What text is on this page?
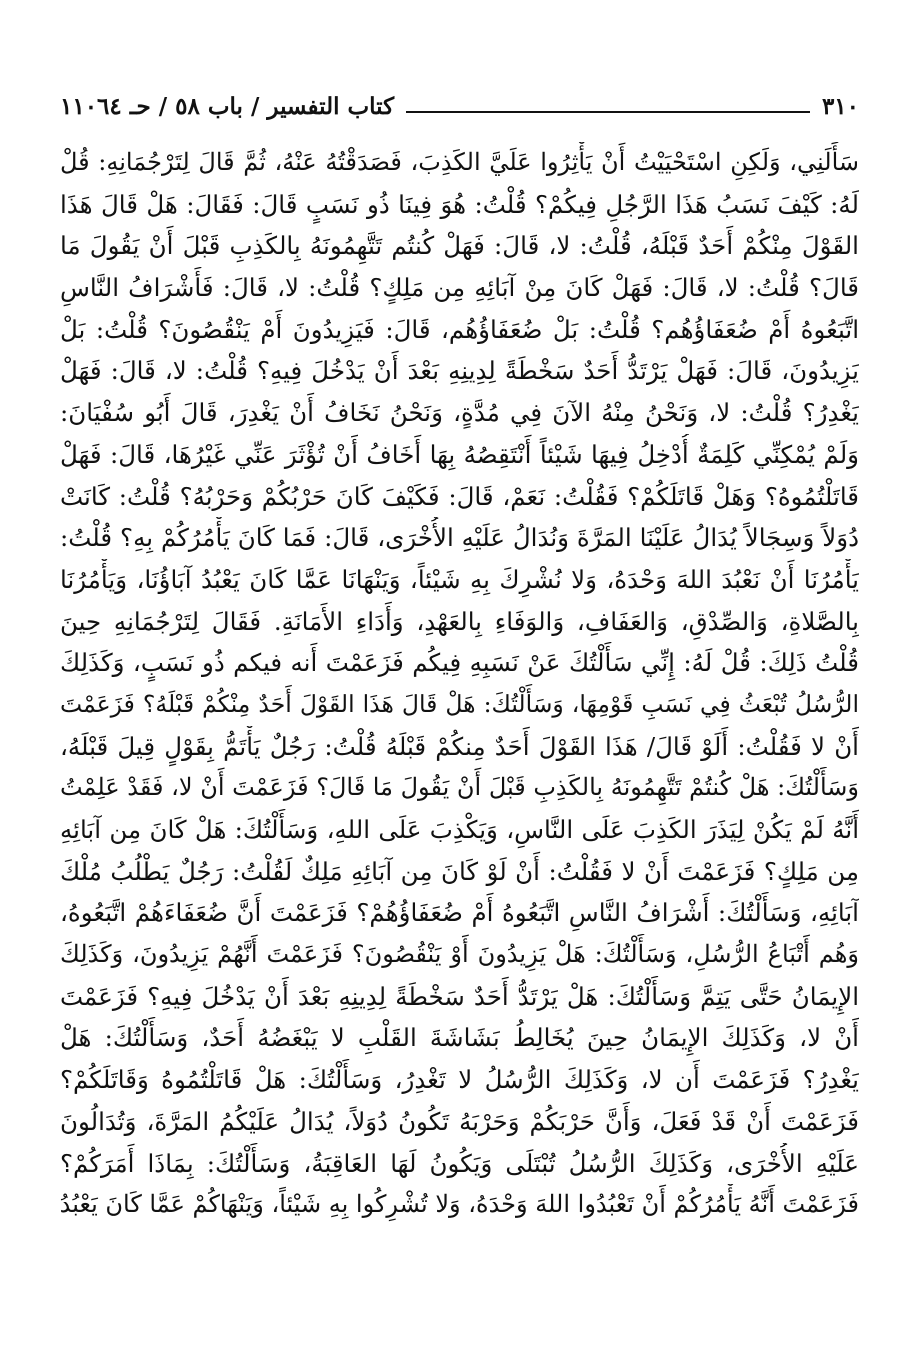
٣١٠
كتاب التفسير / باب ٥٨ / حـ ١١٠٦٤
سَأَلَنِي، وَلَكِنِ اسْتَحْيَيْتُ أَنْ يَأْثِرُوا عَلَيَّ الكَذِبَ، فَصَدَقْتُهُ عَنْهُ، ثُمَّ قَالَ لِتَرْجُمَانِهِ: قُلْ
لَهُ: كَيْفَ نَسَبُ هَذَا الرَّجُلِ فِيكُمْ؟ قُلْتُ: هُوَ فِينَا ذُو نَسَبٍ قَالَ: فَقَالَ: هَلْ قَالَ هَذَا
القَوْلَ مِنْكُمْ أَحَدٌ قَبْلَهُ، قُلْتُ: لا، قَالَ: فَهَلْ كُنتُم تَتَّهِمُونَهُ بِالكَذِبِ قَبْلَ أَنْ يَقُولَ مَا
قَالَ؟ قُلْتُ: لا، قَالَ: فَهَلْ كَانَ مِنْ آبَائِهِ مِن مَلِكٍ؟ قُلْتُ: لا، قَالَ: فَأَشْرَافُ النَّاسِ
اتَّبَعُوهُ أَمْ ضُعَفَاؤُهُم؟ قُلْتُ: بَلْ ضُعَفَاؤُهُم، قَالَ: فَيَزِيدُونَ أَمْ يَنْقُصُونَ؟ قُلْتُ: بَلْ
يَزِيدُونَ، قَالَ: فَهَلْ يَرْتَدُّ أَحَدٌ سَخْطَةً لِدِينِهِ بَعْدَ أَنْ يَدْخُلَ فِيهِ؟ قُلْتُ: لا، قَالَ: فَهَلْ
يَغْدِرُ؟ قُلْتُ: لا، وَنَحْنُ مِنْهُ الآنَ فِي مُدَّةٍ، وَنَحْنُ نَخَافُ أَنْ يَغْدِرَ، قَالَ أَبُو سُفْيَانَ:
وَلَمْ يُمْكِنِّي كَلِمَةٌ أُدْخِلُ فِيهَا شَيْئاً أَنْتَقِصُهُ بِهَا أَخَافُ أَنْ تُؤْثَرَ عَنِّي غَيْرُهَا، قَالَ: فَهَلْ
قَاتَلْتُمُوهُ؟ وَهَلْ قَاتَلَكُمْ؟ فَقُلْتُ: نَعَمْ، قَالَ: فَكَيْفَ كَانَ حَرْبُكُمْ وَحَرْبُهُ؟ قُلْتُ: كَانَتْ
دُوَلاً وَسِجَالاً يُدَالُ عَلَيْنَا المَرَّةَ وَنُدَالُ عَلَيْهِ الأُخْرَى، قَالَ: فَمَا كَانَ يَأْمُرُكُمْ بِهِ؟ قُلْتُ:
يَأْمُرُنَا أَنْ نَعْبُدَ اللهَ وَحْدَهُ، وَلا نُشْرِكَ بِهِ شَيْئاً، وَيَنْهَانَا عَمَّا كَانَ يَعْبُدُ آبَاؤُنَا، وَيَأْمُرُنَا
بِالصَّلاةِ، وَالصِّدْقِ، وَالعَفَافِ، وَالوَفَاءِ بِالعَهْدِ، وَأَدَاءِ الأَمَانَةِ. فَقَالَ لِتَرْجُمَانِهِ حِينَ
قُلْتُ ذَلِكَ: قُلْ لَهُ: إِنِّي سَأَلْتُكَ عَنْ نَسَبِهِ فِيكُم فَزَعَمْتَ أَنه فيكم ذُو نَسَبٍ، وَكَذَلِكَ
الرُّسُلُ تُبْعَثُ فِي نَسَبِ قَوْمِهَا، وَسَأَلْتُكَ: هَلْ قَالَ هَذَا القَوْلَ أَحَدٌ مِنْكُمْ قَبْلَهُ؟ فَزَعَمْتَ
أَنْ لا فَقُلْتُ: أَلَوْ قَالَ/ هَذَا القَوْلَ أَحَدٌ مِنكُمْ قَبْلَهُ قُلْتُ: رَجُلٌ يَأْتَمُّ بِقَوْلٍ قِيلَ قَبْلَهُ،
وَسَأَلْتُكَ: هَلْ كُنتُمْ تَتَّهِمُونَهُ بِالكَذِبِ قَبْلَ أَنْ يَقُولَ مَا قَالَ؟ فَزَعَمْتَ أَنْ لا، فَقَدْ عَلِمْتُ
أَنَّهُ لَمْ يَكُنْ لِيَذَرَ الكَذِبَ عَلَى النَّاسِ، وَيَكْذِبَ عَلَى اللهِ، وَسَأَلْتُكَ: هَلْ كَانَ مِن آبَائِهِ
مِن مَلِكٍ؟ فَزَعَمْتَ أَنْ لا فَقُلْتُ: أَنْ لَوْ كَانَ مِن آبَائِهِ مَلِكٌ لَقُلْتُ: رَجُلٌ يَطْلُبُ مُلْكَ
آبَائِهِ، وَسَأَلْتُكَ: أَشْرَافُ النَّاسِ اتَّبَعُوهُ أَمْ ضُعَفَاؤُهُمْ؟ فَزَعَمْتَ أَنَّ ضُعَفَاءَهُمْ اتَّبَعُوهُ،
وَهُم أَتْبَاعُ الرُّسُلِ، وَسَأَلْتُكَ: هَلْ يَزِيدُونَ أَوْ يَنْقُصُونَ؟ فَزَعَمْتَ أَنَّهُمْ يَزِيدُونَ، وَكَذَلِكَ
الإِيمَانُ حَتَّى يَتِمَّ وَسَأَلْتُكَ: هَلْ يَرْتَدُّ أَحَدٌ سَخْطَةً لِدِينِهِ بَعْدَ أَنْ يَدْخُلَ فِيهِ؟ فَزَعَمْتَ
أَنْ لا، وَكَذَلِكَ الإِيمَانُ حِينَ يُخَالِطُ بَشَاشَةَ القَلْبِ لا يَبْغَضُهُ أَحَدٌ، وَسَأَلْتُكَ: هَلْ
يَغْدِرُ؟ فَزَعَمْتَ أَن لا، وَكَذَلِكَ الرُّسُلُ لا تَغْدِرُ، وَسَأَلْتُكَ: هَلْ قَاتَلْتُمُوهُ وَقَاتَلَكُمْ؟
فَزَعَمْتَ أَنْ قَدْ فَعَلَ، وَأَنَّ حَرْبَكُمْ وَحَرْبَهُ تَكُونُ دُوَلاً، يُدَالُ عَلَيْكُمُ المَرَّةَ، وَتُدَالُونَ
عَلَيْهِ الأُخْرَى، وَكَذَلِكَ الرُّسُلُ تُبْتَلَى وَيَكُونُ لَهَا العَاقِبَةُ، وَسَأَلْتُكَ: بِمَاذَا أَمَرَكُمْ؟
فَزَعَمْتَ أَنَّهُ يَأْمُرُكُمْ أَنْ تَعْبُدُوا اللهَ وَحْدَهُ، وَلا تُشْرِكُوا بِهِ شَيْئاً، وَيَنْهَاكُمْ عَمَّا كَانَ يَعْبُدُ
